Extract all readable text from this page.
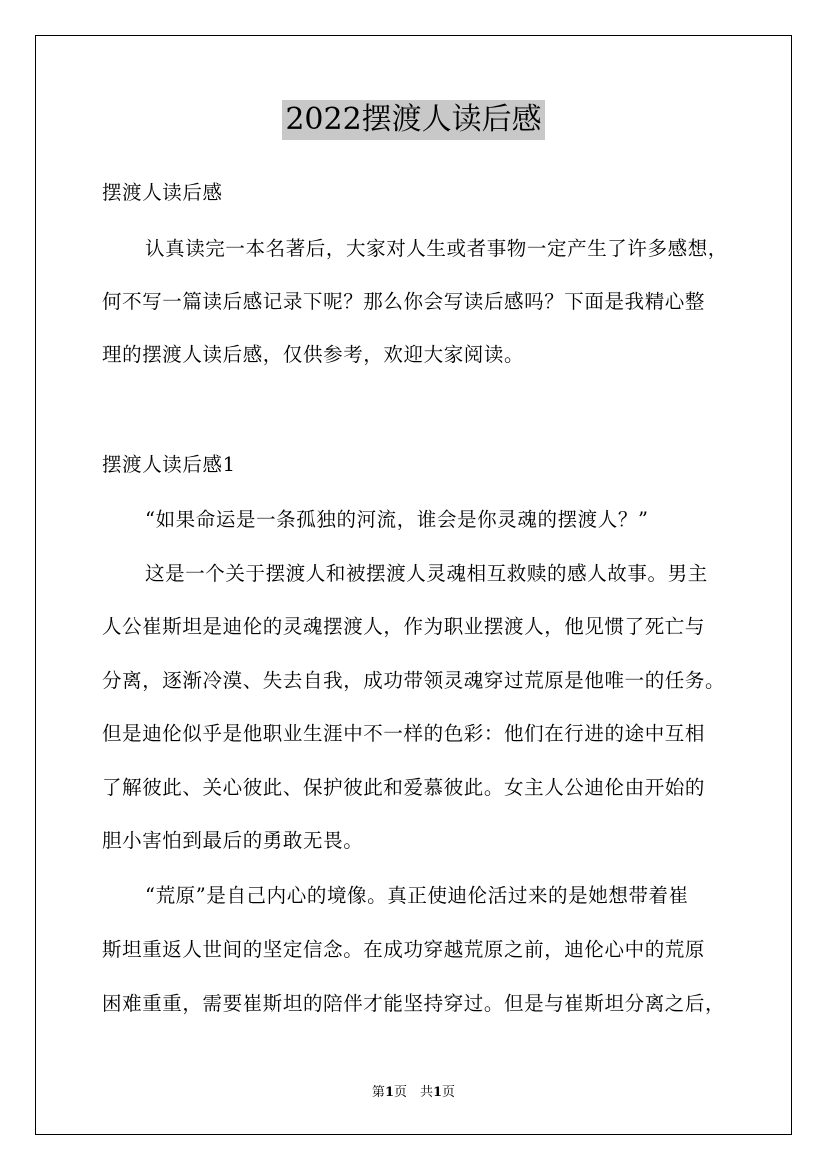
2022摆渡人读后感
摆渡人读后感
认真读完一本名著后，大家对人生或者事物一定产生了许多感想，
何不写一篇读后感记录下呢？那么你会写读后感吗？下面是我精心整
理的摆渡人读后感，仅供参考，欢迎大家阅读。
摆渡人读后感1
“如果命运是一条孤独的河流，谁会是你灵魂的摆渡人？”
这是一个关于摆渡人和被摆渡人灵魂相互救赎的感人故事。男主
人公崔斯坦是迪伦的灵魂摆渡人，作为职业摆渡人，他见惯了死亡与
分离，逐渐冷漠、失去自我，成功带领灵魂穿过荒原是他唯一的任务。
但是迪伦似乎是他职业生涯中不一样的色彩：他们在行进的途中互相
了解彼此、关心彼此、保护彼此和爱慕彼此。女主人公迪伦由开始的
胆小害怕到最后的勇敢无畏。
“荒原”是自己内心的境像。真正使迪伦活过来的是她想带着崔
斯坦重返人世间的坚定信念。在成功穿越荒原之前，迪伦心中的荒原
困难重重，需要崔斯坦的陪伴才能坚持穿过。但是与崔斯坦分离之后，
第1页　共1页
